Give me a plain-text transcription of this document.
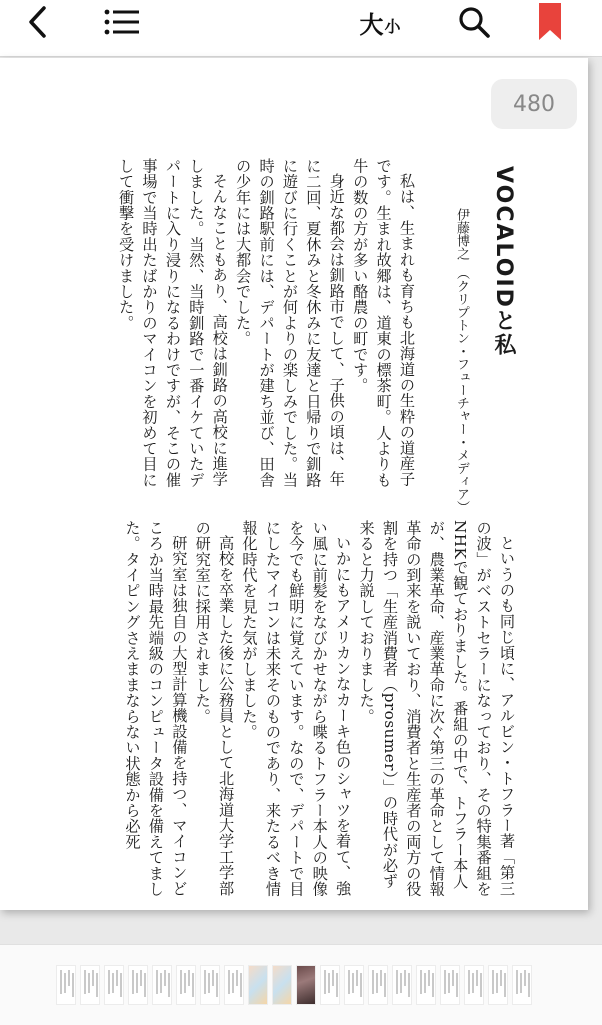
大 小
480
VOCALOIDと私
伊藤博之　（クリプトン・フューチャー・メディア）

私は、生まれも育ちも北海道の生粋の道産子です。生まれ故郷は、道東の標茶町。人よりも牛の数の方が多い酪農の町です。

身近な都会は釧路市でして、子供の頃は、年に二回、夏休みと冬休みに友達と日帰りで釧路に遊びに行くことが何よりの楽しみでした。当時の釧路駅前には、デパートが建ち並び、田舎の少年には大都会でした。

そんなこともあり、高校は釧路の高校に進学しました。当然、当時釧路で一番イケていたデパートに入り浸りになるわけですが、そこの催事場で当時出たばかりのマイコンを初めて目にして衝撃を受けました。

というのも同じ頃に、アルビン・トフラー著「第三の波」がベストセラーになっており、その特集番組をNHKで観ておりました。番組の中で、トフラー本人が、農業革命、産業革命に次ぐ第三の革命として情報革命の到来を説いており、消費者と生産者の両方の役割を持つ「生産消費者（prosumer）」の時代が必ず来ると力説しておりました。

いかにもアメリカンなカーキ色のシャツを着て、強い風に前髪をなびかせながら喋るトフラー本人の映像を今でも鮮明に覚えています。なので、デパートで目にしたマイコンは未来そのものであり、来たるべき情報化時代を見た気がしました。

高校を卒業した後に公務員として北海道大学工学部の研究室に採用されました。

研究室は独自の大型計算機設備を持つ、マイコンどころか当時最先端級のコンピュータ設備を備えてました。タイピングさえままならない状態から必死
